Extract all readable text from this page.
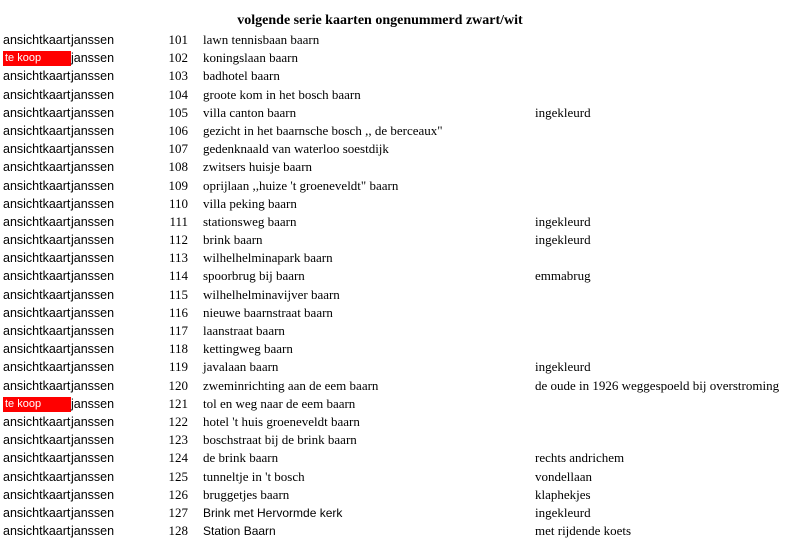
volgende serie kaarten ongenummerd zwart/wit
ansichtkaart janssen	101 lawn tennisbaan baarn
te koop	janssen	102 koningslaan baarn
ansichtkaart janssen	103 badhotel baarn
ansichtkaart janssen	104 groote kom in het bosch baarn
ansichtkaart janssen	105 villa canton baarn	ingekleurd
ansichtkaart janssen	106 gezicht in het baarnsche bosch ,, de berceaux"
ansichtkaart janssen	107 gedenknaald van waterloo soestdijk
ansichtkaart janssen	108 zwitsers huisje baarn
ansichtkaart janssen	109 oprijlaan ,,huize 't groeneveldt" baarn
ansichtkaart janssen	110 villa peking baarn
ansichtkaart janssen	111 stationsweg baarn	ingekleurd
ansichtkaart janssen	112 brink baarn	ingekleurd
ansichtkaart janssen	113 wilhelhelminapark baarn
ansichtkaart janssen	114 spoorbrug bij baarn	emmabrug
ansichtkaart janssen	115 wilhelhelminavijver baarn
ansichtkaart janssen	116 nieuwe baarnstraat baarn
ansichtkaart janssen	117 laanstraat baarn
ansichtkaart janssen	118 kettingweg baarn
ansichtkaart janssen	119 javalaan baarn	ingekleurd
ansichtkaart janssen	120 zweminrichting aan de eem baarn	de oude in 1926 weggespoeld bij overstroming
te koop	janssen	121 tol en weg naar de eem baarn
ansichtkaart janssen	122 hotel 't huis groeneveldt baarn
ansichtkaart janssen	123 boschstraat bij de brink baarn
ansichtkaart janssen	124 de brink baarn	rechts andrichem
ansichtkaart janssen	125 tunneltje in 't bosch	vondellaan
ansichtkaart janssen	126 bruggetjes baarn	klaphekjes
ansichtkaart janssen	127 Brink met Hervormde kerk	ingekleurd
ansichtkaart janssen	128 Station Baarn	met rijdende koets
